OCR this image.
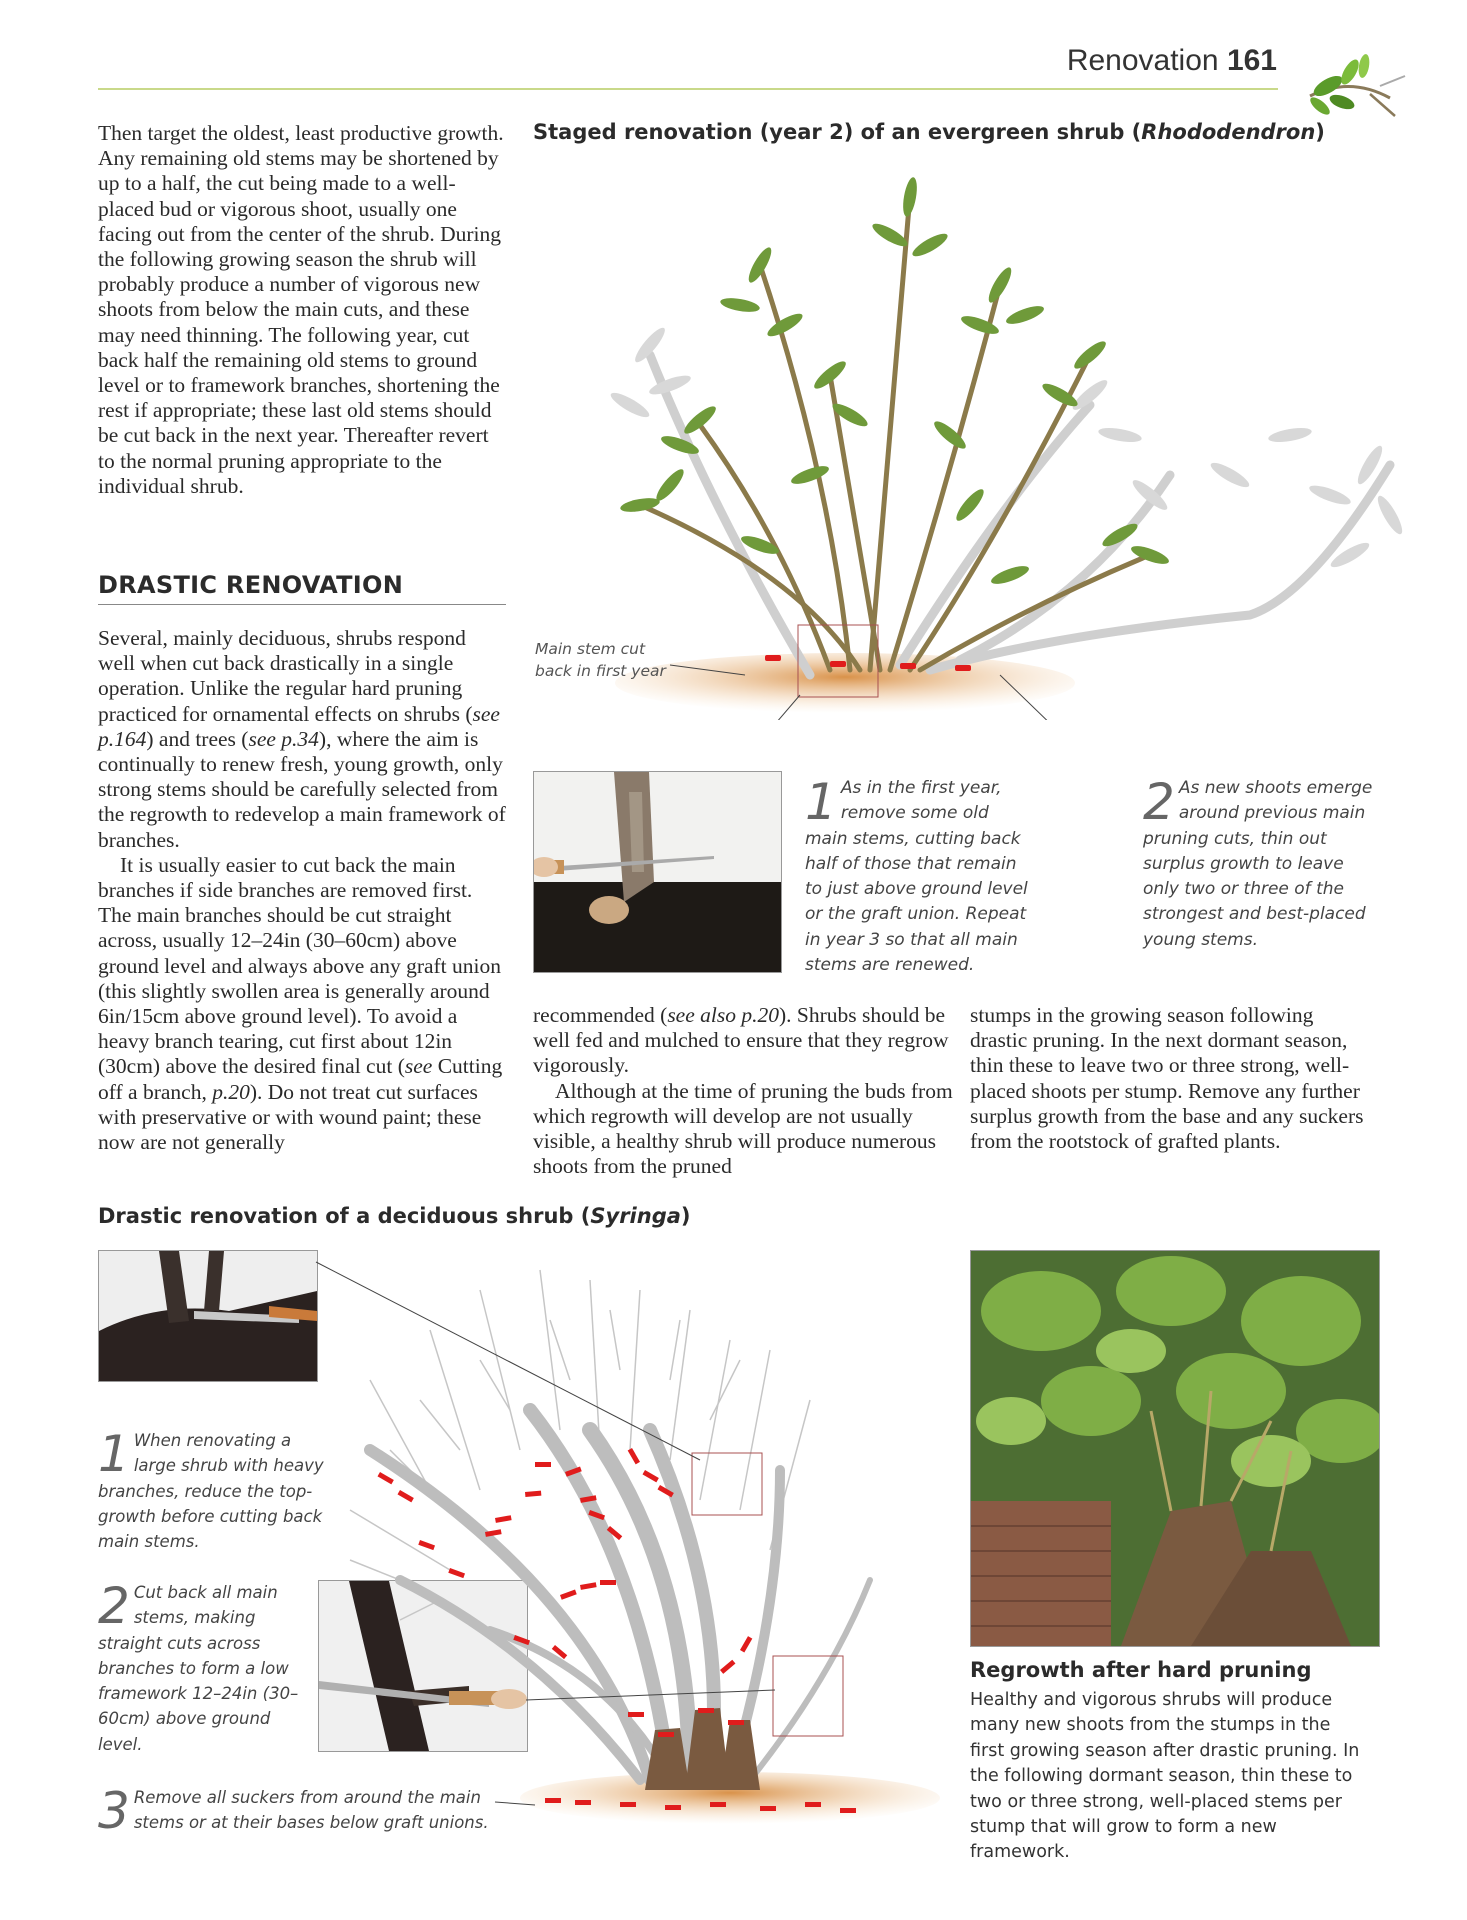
Renovation 161

Then target the oldest, least productive growth. Any remaining old stems may be shortened by up to a half, the cut being made to a well-placed bud or vigorous shoot, usually one facing out from the center of the shrub. During the following growing season the shrub will probably produce a number of vigorous new shoots from below the main cuts, and these may need thinning. The following year, cut back half the remaining old stems to ground level or to framework branches, shortening the rest if appropriate; these last old stems should be cut back in the next year. Thereafter revert to the normal pruning appropriate to the individual shrub.

DRASTIC RENOVATION

Several, mainly deciduous, shrubs respond well when cut back drastically in a single operation. Unlike the regular hard pruning practiced for ornamental effects on shrubs (see p.164) and trees (see p.34), where the aim is continually to renew fresh, young growth, only strong stems should be carefully selected from the regrowth to redevelop a main framework of branches.

It is usually easier to cut back the main branches if side branches are removed first. The main branches should be cut straight across, usually 12–24in (30–60cm) above ground level and always above any graft union (this slightly swollen area is generally around 6in/15cm above ground level). To avoid a heavy branch tearing, cut first about 12in (30cm) above the desired final cut (see Cutting off a branch, p.20). Do not treat cut surfaces with preservative or with wound paint; these now are not generally

Staged renovation (year 2) of an evergreen shrub (Rhododendron)
Main stem cut back in first year
1 As in the first year, remove some old main stems, cutting back half of those that remain to just above ground level or the graft union. Repeat in year 3 so that all main stems are renewed.
2 As new shoots emerge around previous main pruning cuts, thin out surplus growth to leave only two or three of the strongest and best-placed young stems.

recommended (see also p.20). Shrubs should be well fed and mulched to ensure that they regrow vigorously.

Although at the time of pruning the buds from which regrowth will develop are not usually visible, a healthy shrub will produce numerous shoots from the pruned

stumps in the growing season following drastic pruning. In the next dormant season, thin these to leave two or three strong, well-placed shoots per stump. Remove any further surplus growth from the base and any suckers from the rootstock of grafted plants.

Drastic renovation of a deciduous shrub (Syringa)
1 When renovating a large shrub with heavy branches, reduce the top-growth before cutting back main stems.
2 Cut back all main stems, making straight cuts across branches to form a low framework 12–24in (30–60cm) above ground level.
3 Remove all suckers from around the main stems or at their bases below graft unions.
Regrowth after hard pruning
Healthy and vigorous shrubs will produce many new shoots from the stumps in the first growing season after drastic pruning. In the following dormant season, thin these to two or three strong, well-placed stems per stump that will grow to form a new framework.
